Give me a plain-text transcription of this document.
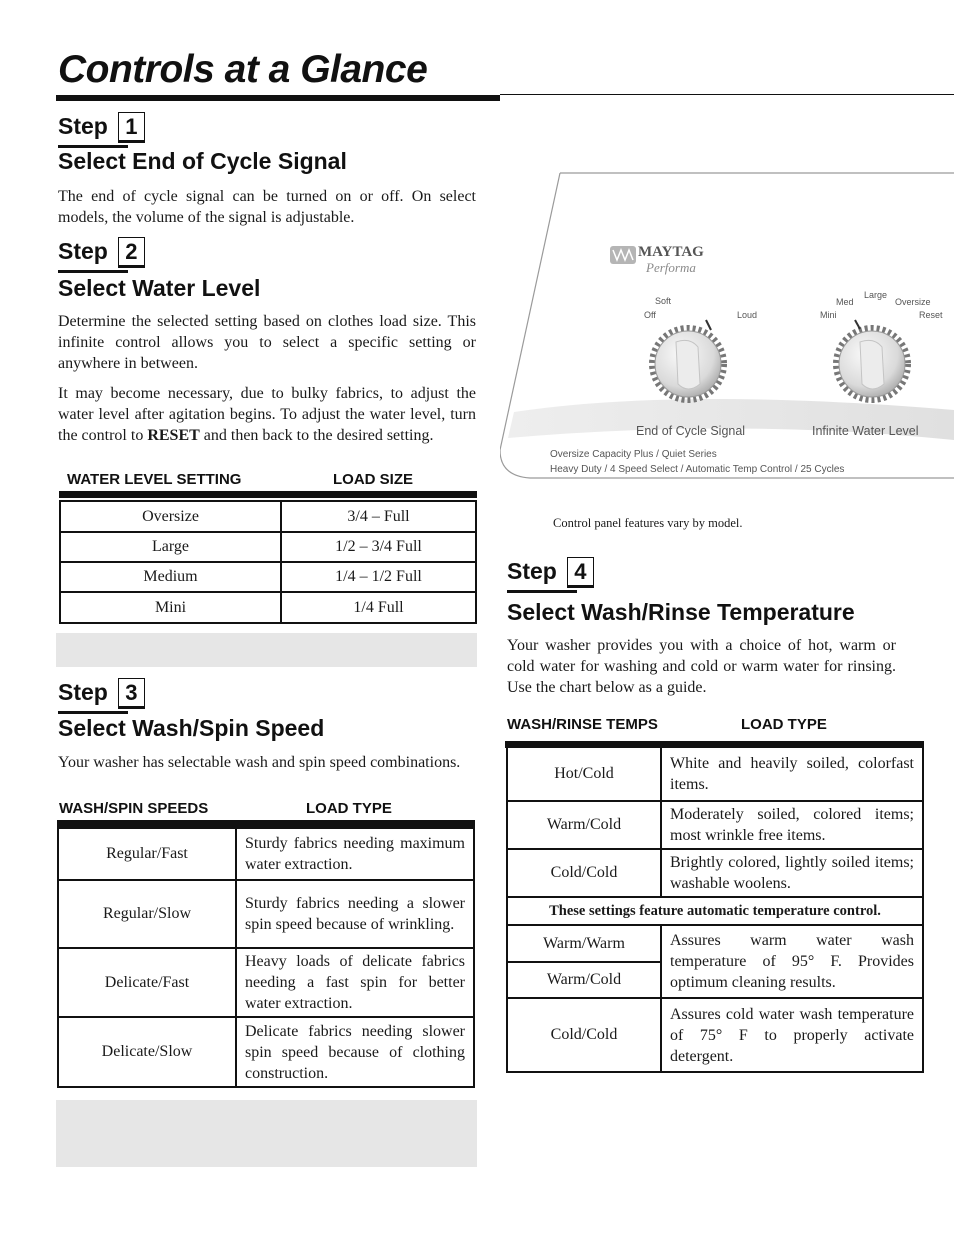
Controls at a Glance
Step 1
Select End of Cycle Signal
The end of cycle signal can be turned on or off. On select models, the volume of the signal is adjustable.
Step 2
Select Water Level
Determine the selected setting based on clothes load size. This infinite control allows you to select a specific setting or anywhere in between.
It may become necessary, due to bulky fabrics, to adjust the water level after agitation begins. To adjust the water level, turn the control to RESET and then back to the desired setting.
WATER LEVEL SETTING	LOAD SIZE
Oversize	3/4 – Full
Large	1/2 – 3/4 Full
Medium	1/4 – 1/2 Full
Mini	1/4 Full
Step 3
Select Wash/Spin Speed
Your washer has selectable wash and spin speed combinations.
WASH/SPIN SPEEDS	LOAD TYPE
Regular/Fast	Sturdy fabrics needing maximum water extraction.
Regular/Slow	Sturdy fabrics needing a slower spin speed because of wrinkling.
Delicate/Fast	Heavy loads of delicate fabrics needing a fast spin for better water extraction.
Delicate/Slow	Delicate fabrics needing slower spin speed because of clothing construction.
MAYTAG
Performa
Soft
Off	Loud
Large
Med	Oversize
Mini	Reset
End of Cycle Signal	Infinite Water Level
Oversize Capacity Plus / Quiet Series
Heavy Duty / 4 Speed Select / Automatic Temp Control / 25 Cycles
Control panel features vary by model.
Step 4
Select Wash/Rinse Temperature
Your washer provides you with a choice of hot, warm or cold water for washing and cold or warm water for rinsing. Use the chart below as a guide.
WASH/RINSE TEMPS	LOAD TYPE
Hot/Cold	White and heavily soiled, colorfast items.
Warm/Cold	Moderately soiled, colored items; most wrinkle free items.
Cold/Cold	Brightly colored, lightly soiled items; washable woolens.
These settings feature automatic temperature control.	
Warm/Warm	Assures warm water wash temperature of 95° F. Provides optimum cleaning results.
Warm/Cold	
Cold/Cold	Assures cold water wash temperature of 75° F to properly activate detergent.
